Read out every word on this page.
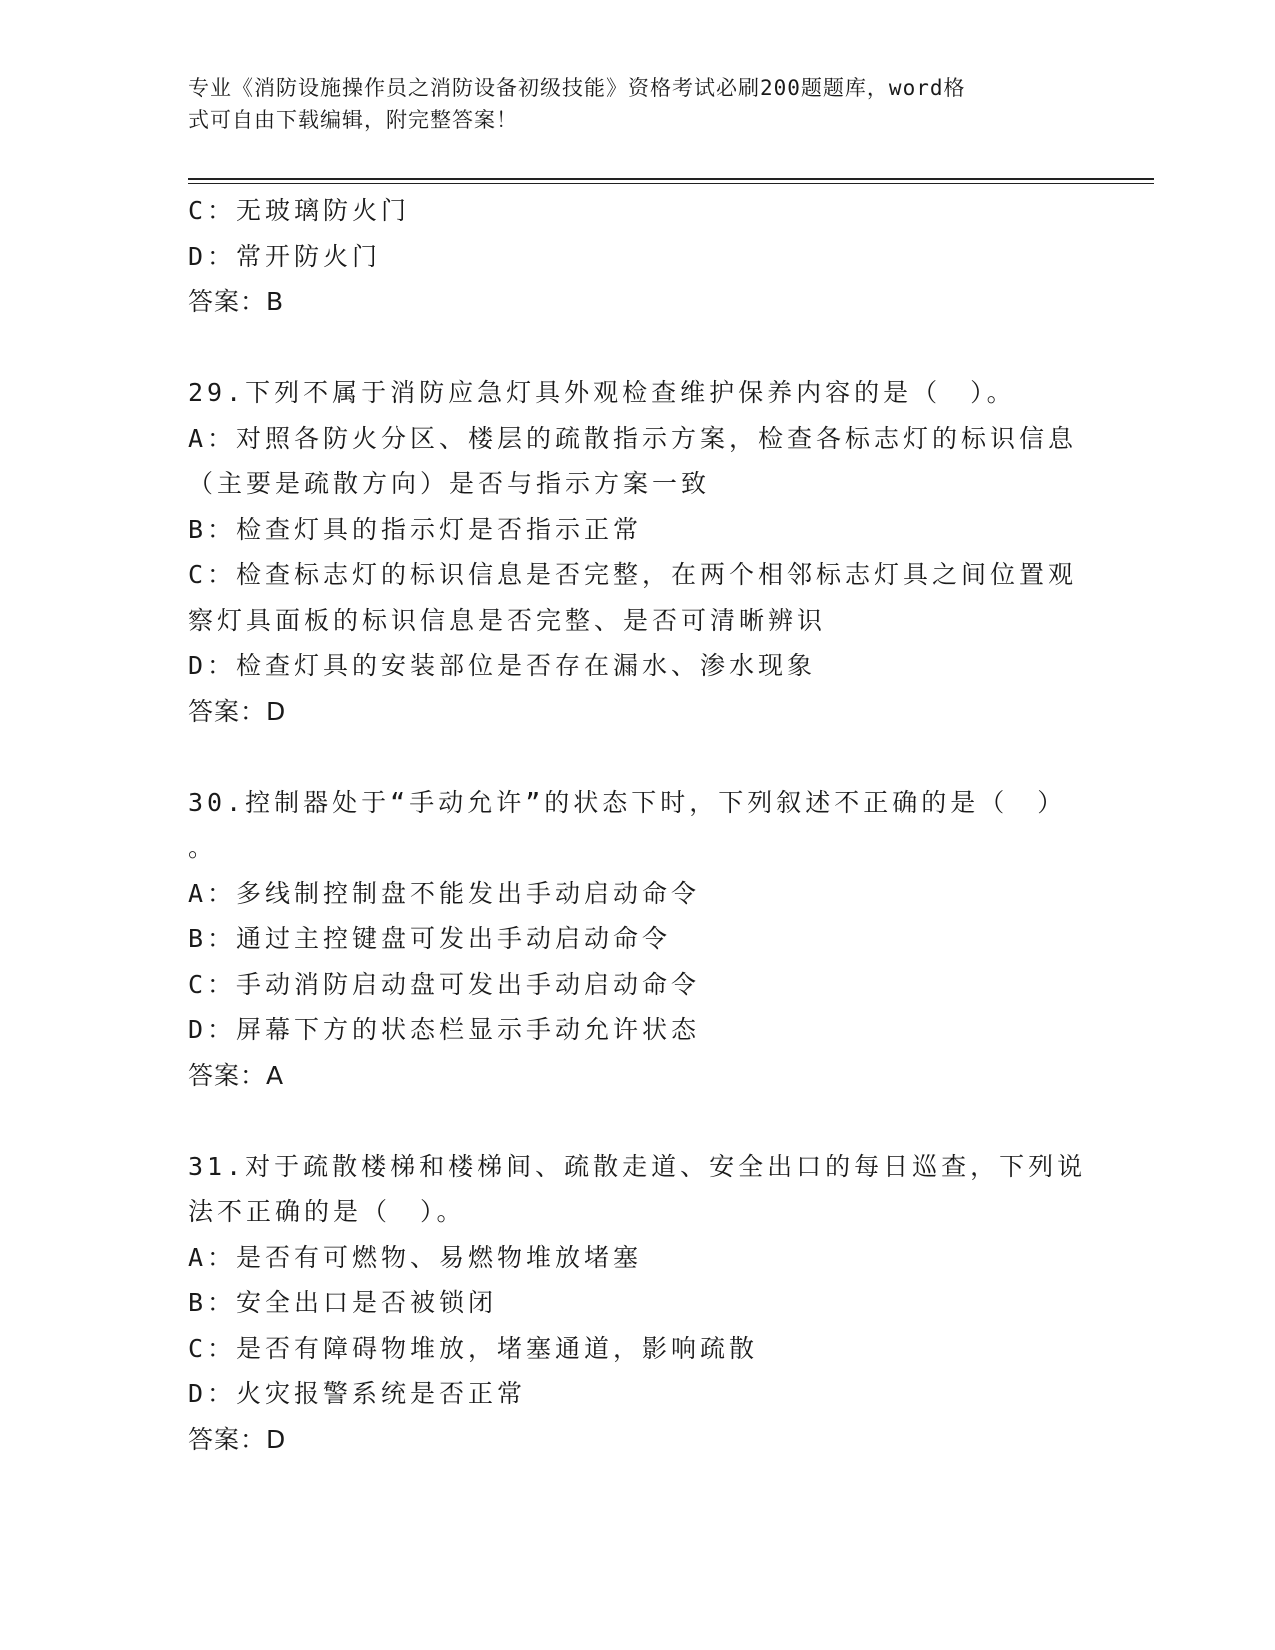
专业《消防设施操作员之消防设备初级技能》资格考试必刷200题题库，word格
式可自由下载编辑，附完整答案！
C：无玻璃防火门
D：常开防火门
答案：B
29.下列不属于消防应急灯具外观检查维护保养内容的是（　）。
A：对照各防火分区、楼层的疏散指示方案，检查各标志灯的标识信息
（主要是疏散方向）是否与指示方案一致
B：检查灯具的指示灯是否指示正常
C：检查标志灯的标识信息是否完整，在两个相邻标志灯具之间位置观
察灯具面板的标识信息是否完整、是否可清晰辨识
D：检查灯具的安装部位是否存在漏水、渗水现象
答案：D
30.控制器处于“手动允许”的状态下时，下列叙述不正确的是（　）
。
A：多线制控制盘不能发出手动启动命令
B：通过主控键盘可发出手动启动命令
C：手动消防启动盘可发出手动启动命令
D：屏幕下方的状态栏显示手动允许状态
答案：A
31.对于疏散楼梯和楼梯间、疏散走道、安全出口的每日巡查，下列说
法不正确的是（　）。
A：是否有可燃物、易燃物堆放堵塞
B：安全出口是否被锁闭
C：是否有障碍物堆放，堵塞通道，影响疏散
D：火灾报警系统是否正常
答案：D
